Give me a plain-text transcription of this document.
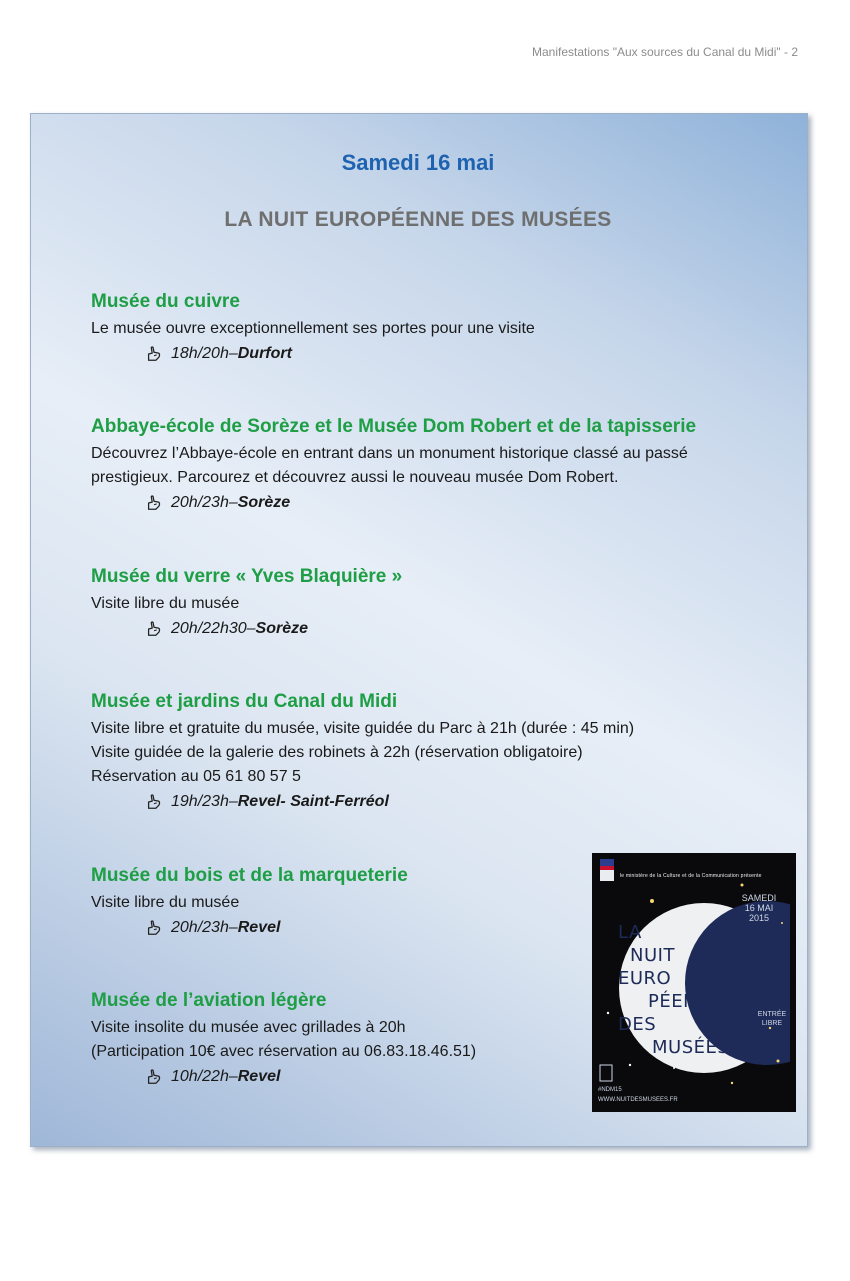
Manifestations "Aux sources du Canal du Midi" - 2
Samedi 16 mai
LA NUIT EUROPÉENNE DES MUSÉES
Musée du cuivre
Le musée ouvre exceptionnellement ses portes pour une visite
18h/20h– Durfort
Abbaye-école de Sorèze et le Musée Dom Robert et de la tapisserie
Découvrez l’Abbaye-école en entrant dans un monument historique classé au passé
prestigieux. Parcourez et découvrez aussi le nouveau musée Dom Robert.
20h/23h– Sorèze
Musée du verre « Yves Blaquière »
Visite libre du musée
20h/22h30– Sorèze
Musée et jardins du Canal du Midi
Visite libre et gratuite du musée, visite guidée du Parc à 21h (durée : 45 min)
Visite guidée de la galerie des robinets à 22h (réservation obligatoire)
Réservation au 05 61 80 57 5
19h/23h– Revel- Saint-Ferréol
Musée du bois et de la marqueterie
Visite libre du musée
20h/23h– Revel
Musée de l’aviation légère
Visite insolite du musée avec grillades à 20h
(Participation 10€ avec réservation au 06.83.18.46.51)
10h/22h– Revel
le ministère de la Culture et de la Communication présente
LA
NUIT
EURO
PÉENNE
DES
MUSÉES
SAMEDI
16 MAI
2015
ENTRÉE
LIBRE
#NDM15
WWW.NUITDESMUSEES.FR
